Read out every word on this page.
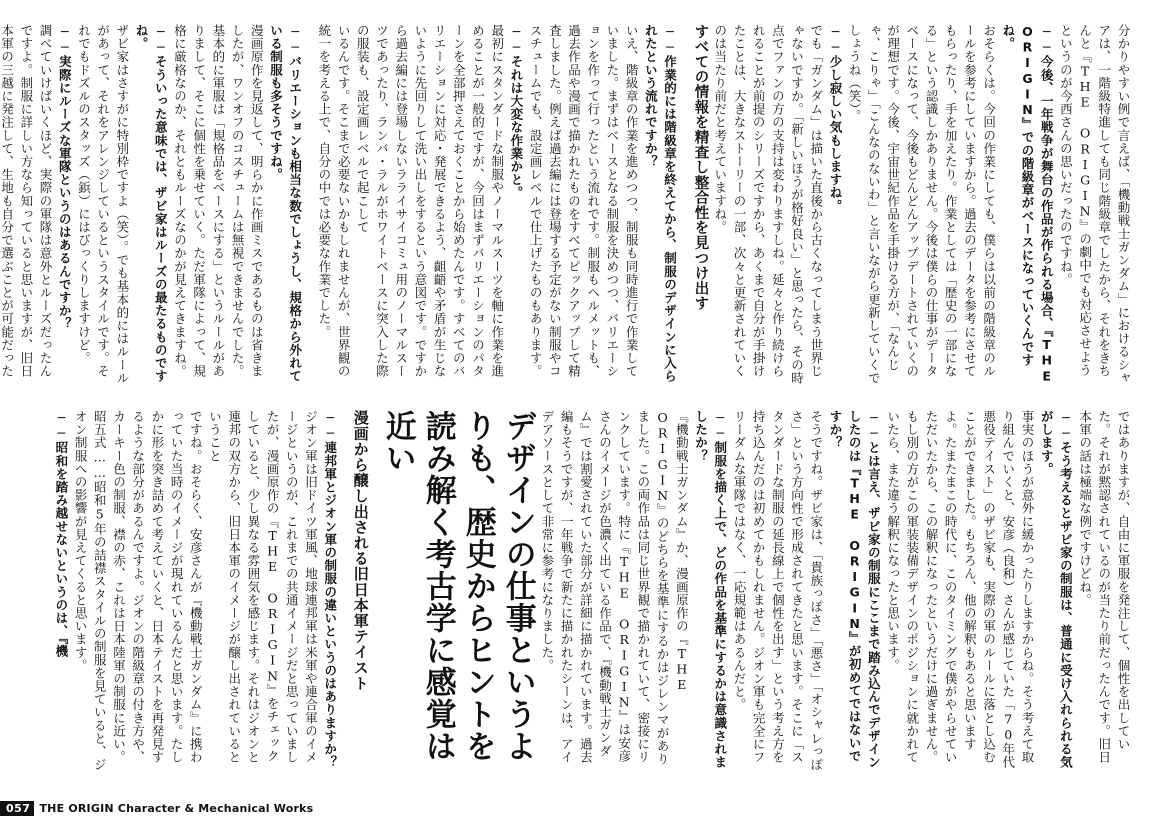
分かりやすい例で言えば、「機動戦士ガンダム」におけるシャアは、一階級特進しても同じ階級章でしたから、それをきちんと『THE ORIGIN』の劇中でも対応させようというのが今西さんの思いだったのですね。

──今後、一年戦争が舞台の作品が作られる場合、『THE ORIGIN』での階級章がベースになっていくんですね。

おそらくは。今回の作業にしても、僕らは以前の階級章のルールを参考にしていますから。過去のデータを参考にさせてもらったり、手を加えたり。作業としては「歴史の一部になる」という認識しかありません。今後は僕らの仕事がデータベースになって、今後もどんどんアップデートされていくのが理想です。今後、宇宙世紀作品を手掛ける方が、「なんじゃ、こりゃ」「こんなのないわ」と言いながら更新していくでしょうね（笑）。

──少し寂しい気もしますね。

でも「ガンダム」は描いた直後から古くなってしまう世界じゃないですか。「新しいほうが格好良い」と思ったら、その時点でファンの方の支持は変わりますしね。延々と作り続けられることが前提のシリーズですから、あくまで自分が手掛けたことは、大きなストーリーの一部、次々と更新されていくのは当たり前だと考えていますね。

すべての情報を精査し整合性を見つけ出す

──作業的には階級章を終えてから、制服のデザインに入られたという流れですか？

いえ、階級章の作業を進めつつ、制服も同時進行で作業していました。まずはベースとなる制服を決めつつ、バリエーションを作って行ったという流れです。制服もヘルメットも、過去作品や漫画で描かれたものをすべてピックアップして精査しました。例えば過去編には登場する予定がない制服やコスチュームでも、設定画レベルで仕上げたものもあります。

──それは大変な作業かと。

最初にスタンダードな制服やノーマルスーツを軸に作業を進めることが一般的ですが、今回はまずバリエーションのパターンを全部押さえておくことから始めたんです。すべてのバリエーションに対応・発展できるよう、齟齬や矛盾が生じないように先回りして洗い出しをするという意図です。ですから過去編には登場しないラライサイコミュ用のノーマルスーツであったり、ランバ・ラルがホワイトベースに突入した際の服装も、設定画レベルで起こして

いるんです。そこまで必要ないかもしれませんが、世界観の統一を考える上で、自分の中では必要な作業でした。

──バリエーションも相当な数でしょうし、規格から外れている制服も多そうですね。

漫画原作を見返して、明らかに作画ミスであるものは省きましたが、ワンオフのコスチュームは無視できませんでした。基本的に軍服は「規格品をベースにする」というルールがありまして、そこに個性を乗せていく。ただ軍隊によって、規格に厳格なのか、それともルーズなのかが見えてきますね。

──そういった意味では、ザビ家はルーズの最たるものですね。

ザビ家はさすがに特別枠ですよ（笑）。でも基本的にはルールがあって、それをアレンジしているというスタイルです。それでもドズルのスタッズ（鋲）にはびっくりしますけど。

──実際にルーズな軍隊というのはあるんですか？

調べていけばいくほど、実際の軍隊は意外とルーズだったんですよ。制服に詳しい方なら知っていると思いますが、旧日本軍の三越に発注して、生地も自分で選ぶことが可能だった

ではありますが、自由に軍服を発注して、個性を出していた。それが黙認されているのが当たり前だったんです。旧日本軍の話は極端な例ですけどね。

──そう考えるとザビ家の制服は、普通に受け入れられる気がします。

事実のほうが意外に緩かったりしますからね。そう考えて取り組んでいくと、安彦（良和）さんが感じていた「70年代悪役テイスト」のザビ家も、実際の軍のルールに落とし込むことができました。もちろん、他の解釈もあると思いますよ。たまたまこの時代に、このタイミングで僕がやらせていただいたから、この解釈になったというだけに過ぎません。もし別の方がこの軍装装備デザインのポジションに就かれていたら、また違う解釈になったと思います。

──とは言え、ザビ家の制服にここまで踏み込んでデザインしたのは『THE ORIGIN』が初めてではないですか？

そうですね。ザビ家は、「貴族っぽさ」「悪さ」「オシャレっぽさ」という方向性で形成されてきたと思います。そこに「スタンダードな制服の延長線上で個性を出す」という考え方を持ち込んだのは初めてかもしれません。ジオン軍も完全にフリーダムな軍隊ではなく、一応規範はあるんだと。

──制服を描く上で、どの作品を基準にするかは意識されましたか？

『機動戦士ガンダム』か、漫画原作の『THE ORIGIN』のどちらを基準にするかはジレンマがありました。この両作品は同じ世界観で描かれていて、密接にリンクしています。特に『THE ORIGIN』は安彦さんのイメージが色濃く出ている作品で、『機動戦士ガンダム』では割愛されていた部分が詳細に描かれています。過去編もそうですが、一年戦争で新たに描かれたシーンは、アイデアソースとして非常に参考になりました。

デザインの仕事というよりも、歴史からヒントを読み解く考古学に感覚は近い

漫画から醸し出される旧日本軍テイスト

──連邦軍とジオン軍の制服の違いというのはありますか？

ジオン軍は旧ドイツ軍風、地球連邦軍は米軍や連合軍のイメージというのが、これまでの共通イメージだと思っていましたが、漫画原作の『THE ORIGIN』をチェックしていると、少し異なる雰囲気を感じます。それはジオンと連邦の双方から、旧日本軍のイメージが醸し出されているということ

ですね。おそらく、安彦さんが『機動戦士ガンダム』に携わっていた当時のイメージが現れているんだと思います。たしかに形を突き詰めて考えていくと、日本テイストを再発見するような部分があるんですよ。ジオンの階級章の付き方や、カーキー色の制服、襟の赤、これは日本陸軍の制服に近い。昭五式……昭和5年の詰襟スタイルの制服を見ていると、ジオン制服への影響が見えてくると思います。

──昭和を踏み越せないというのは、『機

057 THE ORIGIN Character & Mechanical Works
